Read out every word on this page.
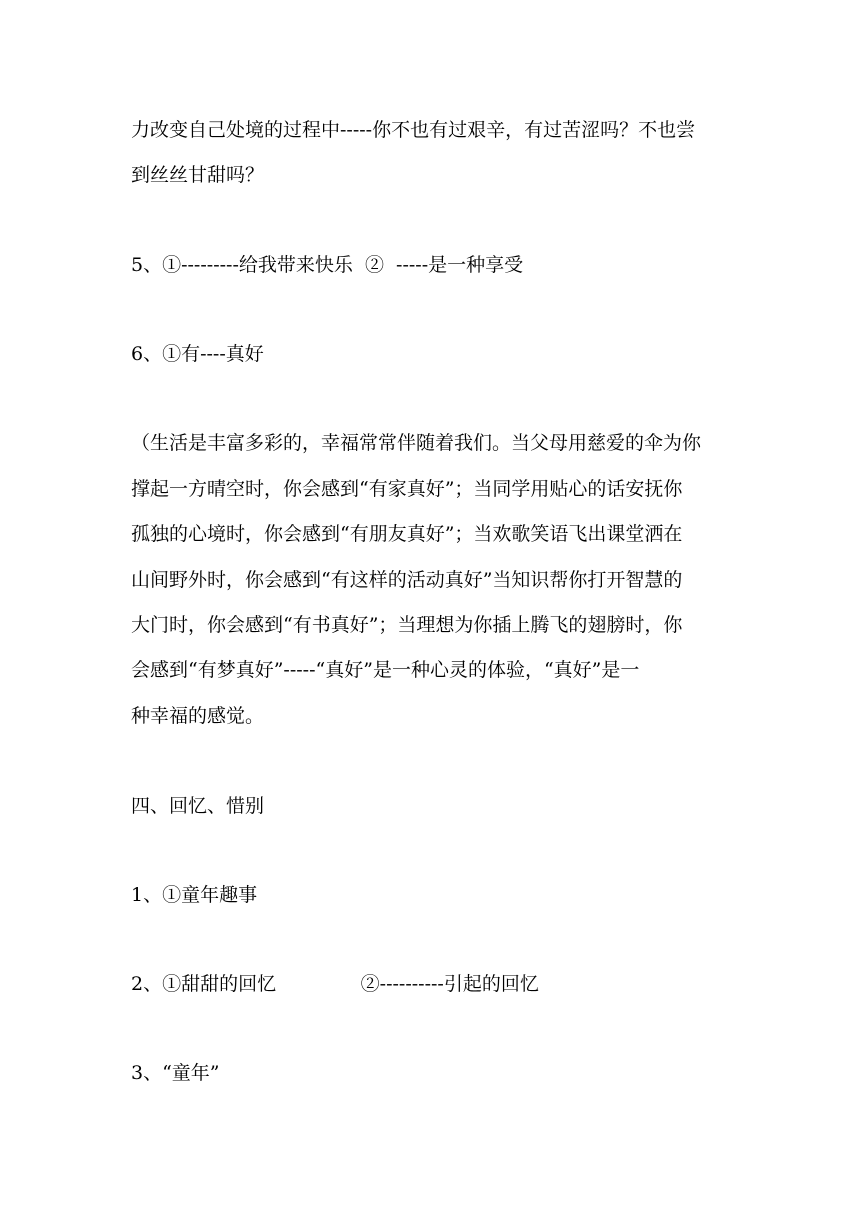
力改变自己处境的过程中-----你不也有过艰辛，有过苦涩吗？不也尝
到丝丝甘甜吗？
5、①---------给我带来快乐  ②  -----是一种享受
6、①有----真好
（生活是丰富多彩的，幸福常常伴随着我们。当父母用慈爱的伞为你
撑起一方晴空时，你会感到“有家真好”；当同学用贴心的话安抚你
孤独的心境时，你会感到“有朋友真好”；当欢歌笑语飞出课堂洒在
山间野外时，你会感到“有这样的活动真好”当知识帮你打开智慧的
大门时，你会感到“有书真好”；当理想为你插上腾飞的翅膀时，你
会感到“有梦真好”-----“真好”是一种心灵的体验，“真好”是一
种幸福的感觉。
四、回忆、惜别
1、①童年趣事
2、①甜甜的回忆              ②----------引起的回忆
3、“童年”
